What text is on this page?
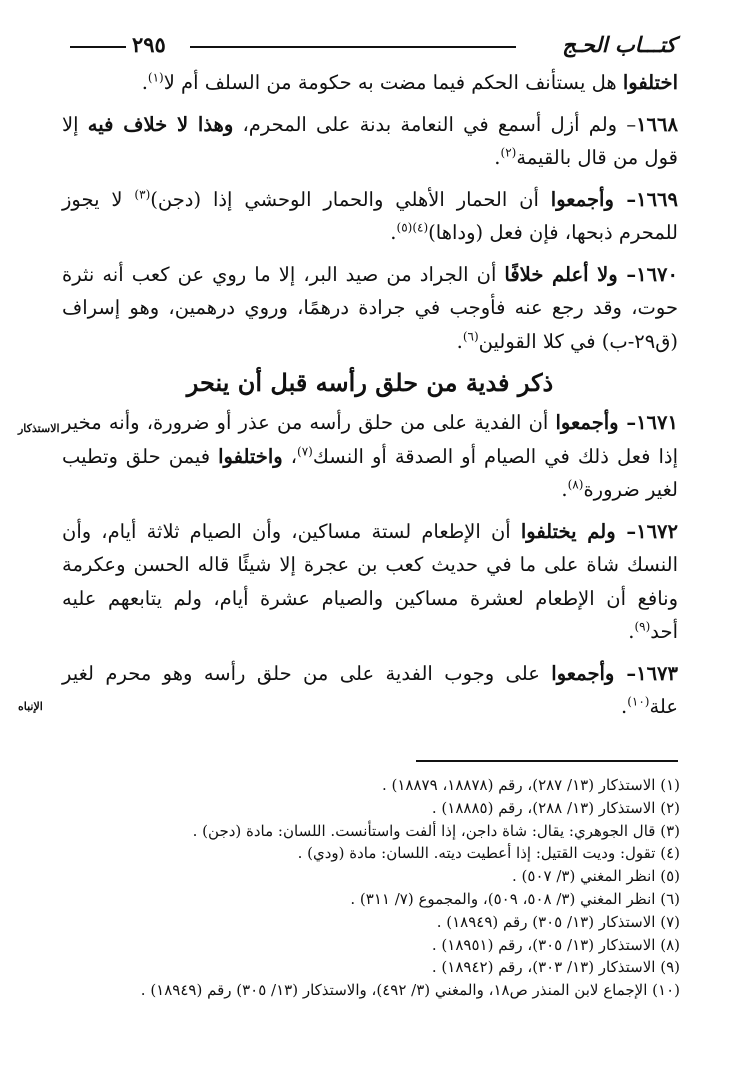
٢٩٥	كتـــاب الحـج

اختلفوا هل يستأنف الحكم فيما مضت به حكومة من السلف أم لا$^{(١)}$.

١٦٦٨– ولم أزل أسمع في النعامة بدنة على المحرم، وهذا لا خلاف فيه إلا قول من قال بالقيمة$^{(٢)}$.

١٦٦٩– وأجمعوا أن الحمار الأهلي والحمار الوحشي إذا (دجن)$^{(٣)}$ لا يجوز للمحرم ذبحها، فإن فعل (وداها)$^{(٤)(٥)}$.

١٦٧٠– ولا أعلم خلافًا أن الجراد من صيد البر، إلا ما روي عن كعب أنه نثرة حوت، وقد رجع عنه فأوجب في جرادة درهمًا، وروي درهمين، وهو إسراف (ق٢٩-ب) في كلا القولين$^{(٦)}$.

ذكر فدية من حلق رأسه قبل أن ينحر

١٦٧١– وأجمعوا أن الفدية على من حلق رأسه من عذر أو ضرورة، وأنه مخير إذا فعل ذلك في الصيام أو الصدقة أو النسك$^{(٧)}$، واختلفوا فيمن حلق وتطيب لغير ضرورة$^{(٨)}$.

١٦٧٢– ولم يختلفوا أن الإطعام لستة مساكين، وأن الصيام ثلاثة أيام، وأن النسك شاة على ما في حديث كعب بن عجرة إلا شيئًا قاله الحسن وعكرمة ونافع أن الإطعام لعشرة مساكين والصيام عشرة أيام، ولم يتابعهم عليه أحد$^{(٩)}$.

١٦٧٣– وأجمعوا على وجوب الفدية على من حلق رأسه وهو محرم لغير علة$^{(١٠)}$.

الاستذكار
الإنباه

(١) الاستذكار (١٣/ ٢٨٧)، رقم (١٨٨٧٨، ١٨٨٧٩) .

(٢) الاستذكار (١٣/ ٢٨٨)، رقم (١٨٨٨٥) .

(٣) قال الجوهري: يقال: شاة داجن، إذا ألفت واستأنست. اللسان: مادة (دجن) .

(٤) تقول: وديت القتيل: إذا أعطيت ديته. اللسان: مادة (ودي) .

(٥) انظر المغني (٣/ ٥٠٧) .

(٦) انظر المغني (٣/ ٥٠٨، ٥٠٩)، والمجموع (٧/ ٣١١) .

(٧) الاستذكار (١٣/ ٣٠٥) رقم (١٨٩٤٩) .

(٨) الاستذكار (١٣/ ٣٠٥)، رقم (١٨٩٥١) .

(٩) الاستذكار (١٣/ ٣٠٣)، رقم (١٨٩٤٢) .

(١٠) الإجماع لابن المنذر ص١٨، والمغني (٣/ ٤٩٢)، والاستذكار (١٣/ ٣٠٥) رقم (١٨٩٤٩) .
